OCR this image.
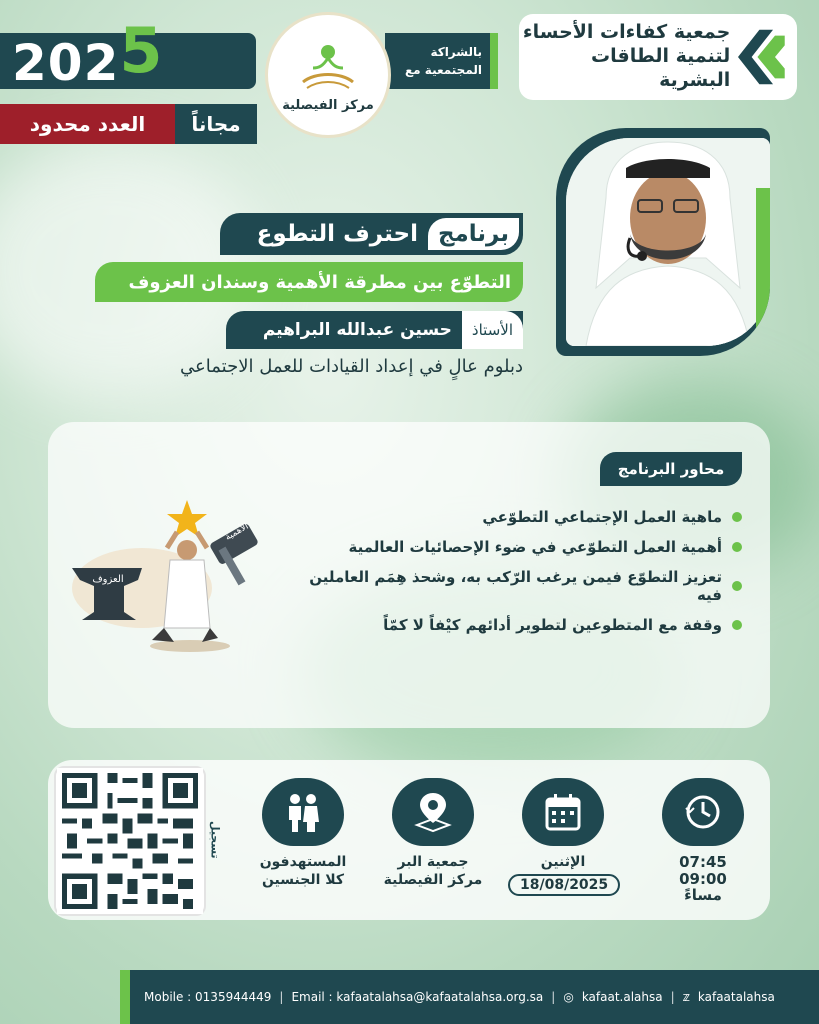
جمعية كفاءات الأحساء
لتنمية الطاقات البشرية
بالشراكة
المجتمعية مع
مركز الفيصلية
2025
مجاناً
العدد محدود
برنامج
احترف التطوع
التطوّع بين مطرقة الأهمية وسندان العزوف
الأستاذ
حسين عبدالله البراهيم
دبلوم عالٍ في إعداد القيادات للعمل الاجتماعي
محاور البرنامج
ماهية العمل الإجتماعي التطوّعي
أهمية العمل التطوّعي في ضوء الإحصائيات العالمية
تعزيز التطوّع فيمن يرغب الرّكب به، وشحذ هِمَم العاملين فيه
وقفة مع المتطوعين لتطوير أدائهم كيْفاً لا كمّاً
العزوف
الأهمية
تسجيل
المستهدفون
كلا الجنسين
جمعية البر
مركز الفيصلية
الإثنين
18/08/2025
07:45
09:00
مساءً
Mobile : 0135944449 | Email : kafaatalahsa@kafaatalahsa.org.sa | ◎ kafaat.alahsa | 𝕫 kafaatalahsa
